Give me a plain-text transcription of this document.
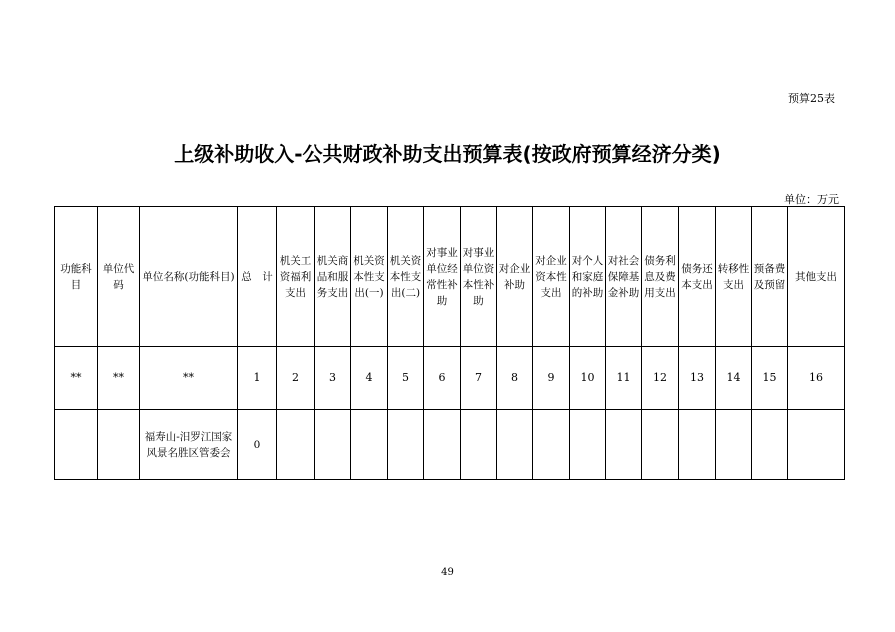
预算25表
上级补助收入-公共财政补助支出预算表(按政府预算经济分类)
单位：万元
功能科目	单位代码	单位名称(功能科目)	总　计	机关工资福利支出	机关商品和服务支出	机关资本性支出(一)	机关资本性支出(二)	对事业单位经常性补助	对事业单位资本性补助	对企业补助	对企业资本性支出	对个人和家庭的补助	对社会保障基金补助	债务利息及费用支出	债务还本支出	转移性支出	预备费及预留	其他支出
**	**	**	1	2	3	4	5	6	7	8	9	10	11	12	13	14	15	16
		福寿山-汨罗江国家风景名胜区管委会	0															
49
